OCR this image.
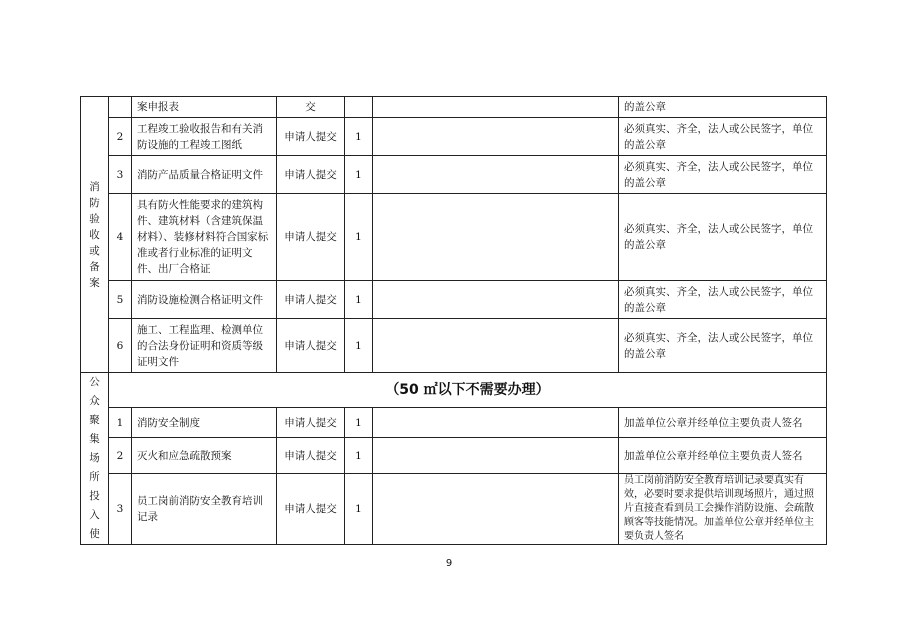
消防验收或备案		案申报表	交			的盖公章
	2	工程竣工验收报告和有关消防设施的工程竣工图纸	申请人提交	1		必须真实、齐全，法人或公民签字，单位的盖公章
	3	消防产品质量合格证明文件	申请人提交	1		必须真实、齐全，法人或公民签字，单位的盖公章
	4	具有防火性能要求的建筑构件、建筑材料（含建筑保温材料）、装修材料符合国家标准或者行业标准的证明文件、出厂合格证	申请人提交	1		必须真实、齐全，法人或公民签字，单位的盖公章
	5	消防设施检测合格证明文件	申请人提交	1		必须真实、齐全，法人或公民签字，单位的盖公章
	6	施工、工程监理、检测单位的合法身份证明和资质等级证明文件	申请人提交	1		必须真实、齐全，法人或公民签字，单位的盖公章
公众聚集场所投入使	（50 ㎡以下不需要办理）					
	1	消防安全制度	申请人提交	1		加盖单位公章并经单位主要负责人签名
	2	灭火和应急疏散预案	申请人提交	1		加盖单位公章并经单位主要负责人签名
	3	员工岗前消防安全教育培训记录	申请人提交	1		员工岗前消防安全教育培训记录要真实有效，必要时要求提供培训现场照片，通过照片直接查看到员工会操作消防设施、会疏散顾客等技能情况。加盖单位公章并经单位主要负责人签名
9
